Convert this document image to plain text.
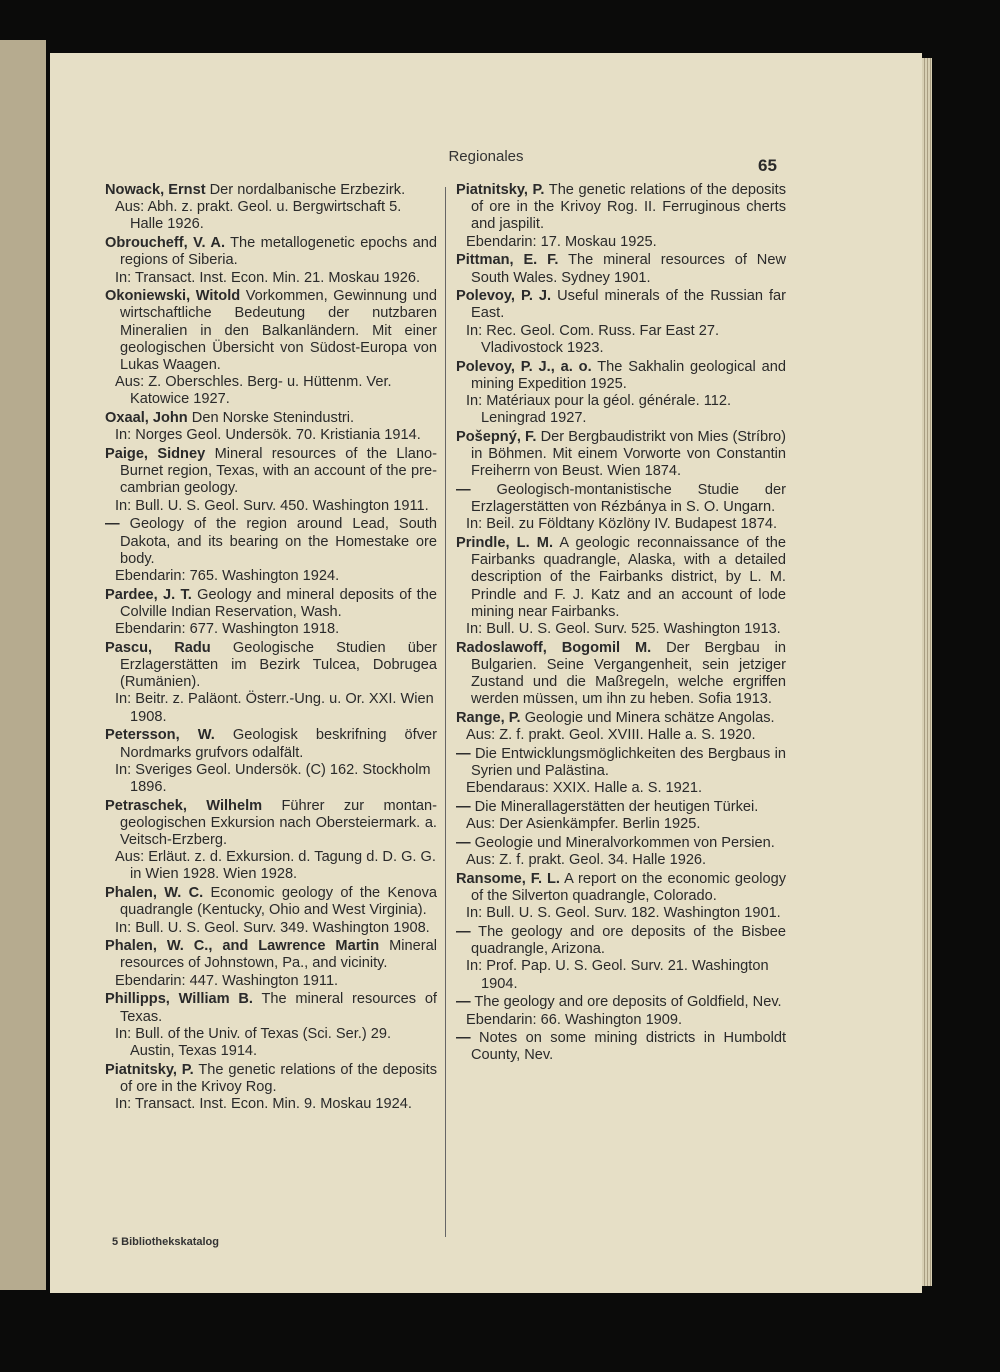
Regionales	65
Nowack, Ernst Der nordalbanische Erzbezirk.
Aus: Abh. z. prakt. Geol. u. Bergwirtschaft 5. Halle 1926.
Obroucheff, V. A. The metallogenetic epochs and regions of Siberia.
In: Transact. Inst. Econ. Min. 21. Moskau 1926.
Okoniewski, Witold Vorkommen, Gewinnung und wirtschaftliche Bedeutung der nutzbaren Mineralien in den Balkanländern. Mit einer geologischen Übersicht von Südost-Europa von Lukas Waagen.
Aus: Z. Oberschles. Berg- u. Hüttenm. Ver. Katowice 1927.
Oxaal, John Den Norske Stenindustri.
In: Norges Geol. Undersök. 70. Kristiania 1914.
Paige, Sidney Mineral resources of the Llano-Burnet region, Texas, with an account of the pre-cambrian geology.
In: Bull. U. S. Geol. Surv. 450. Washington 1911.
— Geology of the region around Lead, South Dakota, and its bearing on the Homestake ore body.
Ebendarin: 765. Washington 1924.
Pardee, J. T. Geology and mineral deposits of the Colville Indian Reservation, Wash.
Ebendarin: 677. Washington 1918.
Pascu, Radu Geologische Studien über Erzlagerstätten im Bezirk Tulcea, Dobrugea (Rumänien).
In: Beitr. z. Paläont. Österr.-Ung. u. Or. XXI. Wien 1908.
Petersson, W. Geologisk beskrifning öfver Nordmarks grufvors odalfält.
In: Sveriges Geol. Undersök. (C) 162. Stockholm 1896.
Petraschek, Wilhelm Führer zur montan-geologischen Exkursion nach Obersteiermark. a. Veitsch-Erzberg.
Aus: Erläut. z. d. Exkursion. d. Tagung d. D. G. G. in Wien 1928. Wien 1928.
Phalen, W. C. Economic geology of the Kenova quadrangle (Kentucky, Ohio and West Virginia).
In: Bull. U. S. Geol. Surv. 349. Washington 1908.
Phalen, W. C., and Lawrence Martin Mineral resources of Johnstown, Pa., and vicinity.
Ebendarin: 447. Washington 1911.
Phillipps, William B. The mineral resources of Texas.
In: Bull. of the Univ. of Texas (Sci. Ser.) 29. Austin, Texas 1914.
Piatnitsky, P. The genetic relations of the deposits of ore in the Krivoy Rog.
In: Transact. Inst. Econ. Min. 9. Moskau 1924.
Piatnitsky, P. The genetic relations of the deposits of ore in the Krivoy Rog. II. Ferruginous cherts and jaspilit.
Ebendarin: 17. Moskau 1925.
Pittman, E. F. The mineral resources of New South Wales. Sydney 1901.
Polevoy, P. J. Useful minerals of the Russian far East.
In: Rec. Geol. Com. Russ. Far East 27. Vladivostock 1923.
Polevoy, P. J., a. o. The Sakhalin geological and mining Expedition 1925.
In: Matériaux pour la géol. générale. 112. Leningrad 1927.
Pošepný, F. Der Bergbaudistrikt von Mies (Stríbro) in Böhmen. Mit einem Vorworte von Constantin Freiherrn von Beust. Wien 1874.
— Geologisch-montanistische Studie der Erzlagerstätten von Rézbánya in S. O. Ungarn.
In: Beil. zu Földtany Közlöny IV. Budapest 1874.
Prindle, L. M. A geologic reconnaissance of the Fairbanks quadrangle, Alaska, with a detailed description of the Fairbanks district, by L. M. Prindle and F. J. Katz and an account of lode mining near Fairbanks.
In: Bull. U. S. Geol. Surv. 525. Washington 1913.
Radoslawoff, Bogomil M. Der Bergbau in Bulgarien. Seine Vergangenheit, sein jetziger Zustand und die Maßregeln, welche ergriffen werden müssen, um ihn zu heben. Sofia 1913.
Range, P. Geologie und Minera schätze Angolas.
Aus: Z. f. prakt. Geol. XVIII. Halle a. S. 1920.
— Die Entwicklungsmöglichkeiten des Bergbaus in Syrien und Palästina.
Ebendaraus: XXIX. Halle a. S. 1921.
— Die Minerallagerstätten der heutigen Türkei.
Aus: Der Asienkämpfer. Berlin 1925.
— Geologie und Mineralvorkommen von Persien.
Aus: Z. f. prakt. Geol. 34. Halle 1926.
Ransome, F. L. A report on the economic geology of the Silverton quadrangle, Colorado.
In: Bull. U. S. Geol. Surv. 182. Washington 1901.
— The geology and ore deposits of the Bisbee quadrangle, Arizona.
In: Prof. Pap. U. S. Geol. Surv. 21. Washington 1904.
— The geology and ore deposits of Goldfield, Nev.
Ebendarin: 66. Washington 1909.
— Notes on some mining districts in Humboldt County, Nev.
5 Bibliothekskatalog
